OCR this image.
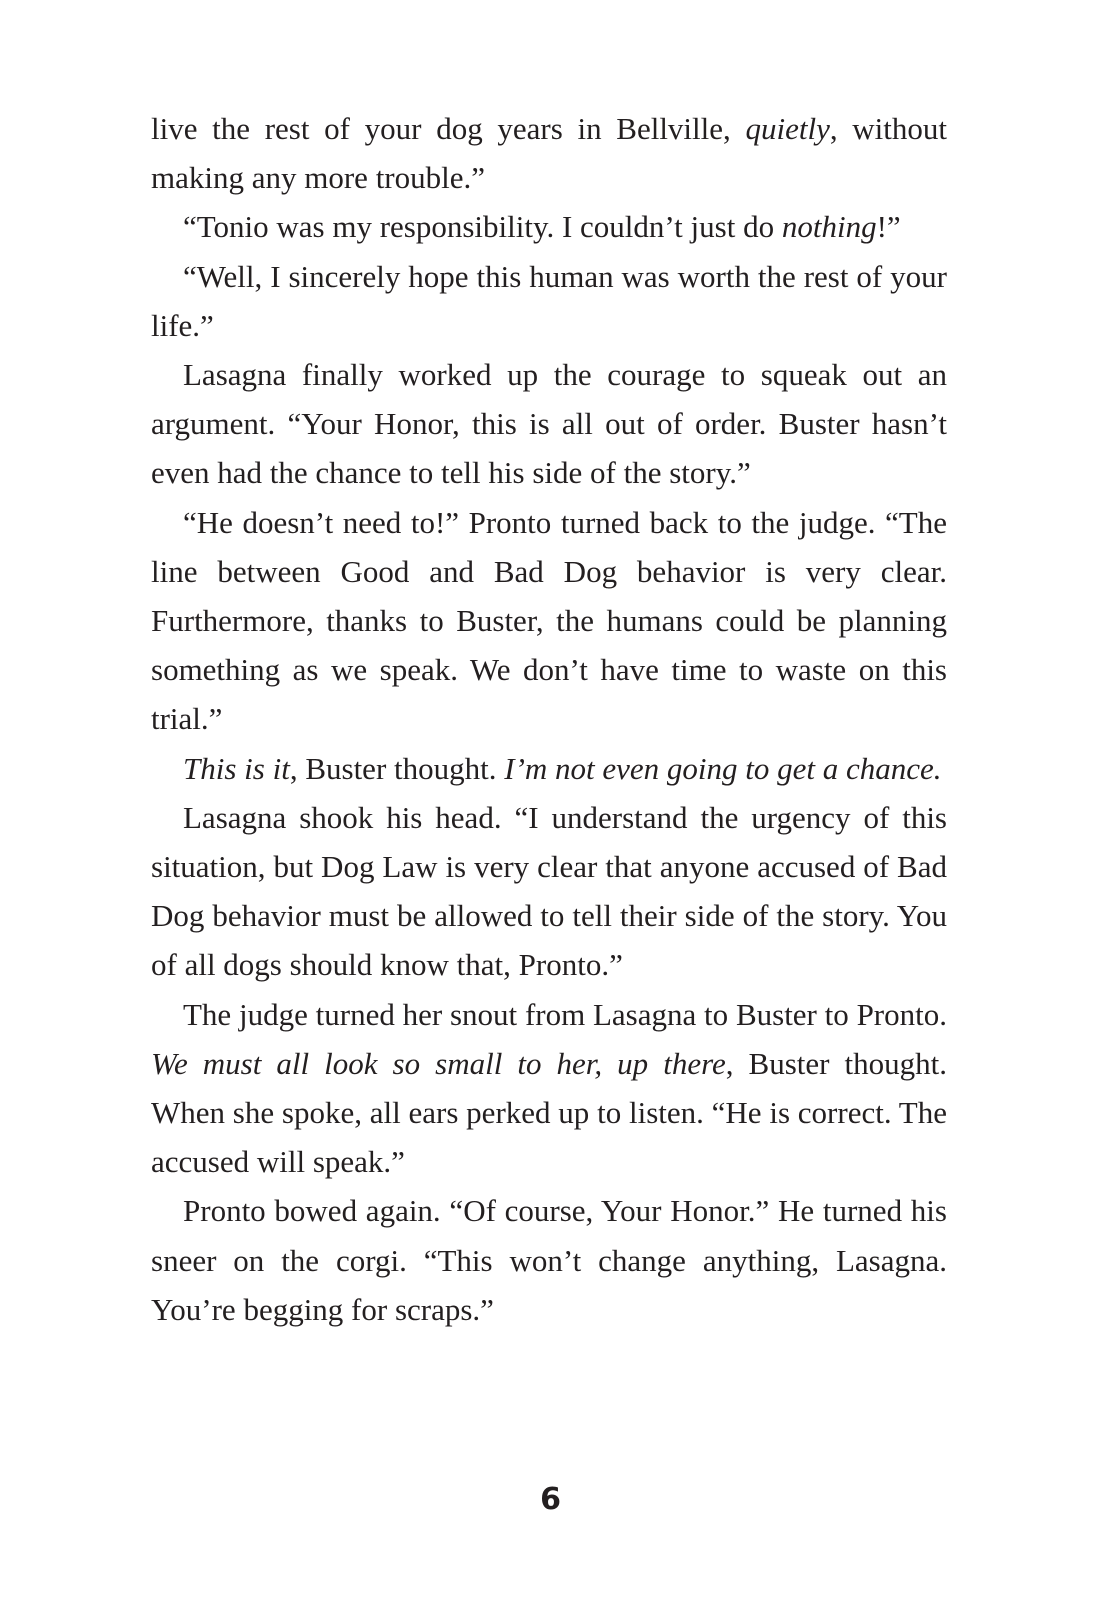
live the rest of your dog years in Bellville, quietly, without making any more trouble.”

“Tonio was my responsibility. I couldn’t just do nothing!”

“Well, I sincerely hope this human was worth the rest of your life.”

Lasagna finally worked up the courage to squeak out an argument. “Your Honor, this is all out of order. Buster hasn’t even had the chance to tell his side of the story.”

“He doesn’t need to!” Pronto turned back to the judge. “The line between Good and Bad Dog behavior is very clear. Furthermore, thanks to Buster, the humans could be planning something as we speak. We don’t have time to waste on this trial.”

This is it, Buster thought. I’m not even going to get a chance.

Lasagna shook his head. “I understand the urgency of this situation, but Dog Law is very clear that anyone accused of Bad Dog behavior must be allowed to tell their side of the story. You of all dogs should know that, Pronto.”

The judge turned her snout from Lasagna to Buster to Pronto. We must all look so small to her, up there, Buster thought. When she spoke, all ears perked up to listen. “He is correct. The accused will speak.”

Pronto bowed again. “Of course, Your Honor.” He turned his sneer on the corgi. “This won’t change anything, Lasagna. You’re begging for scraps.”

6
